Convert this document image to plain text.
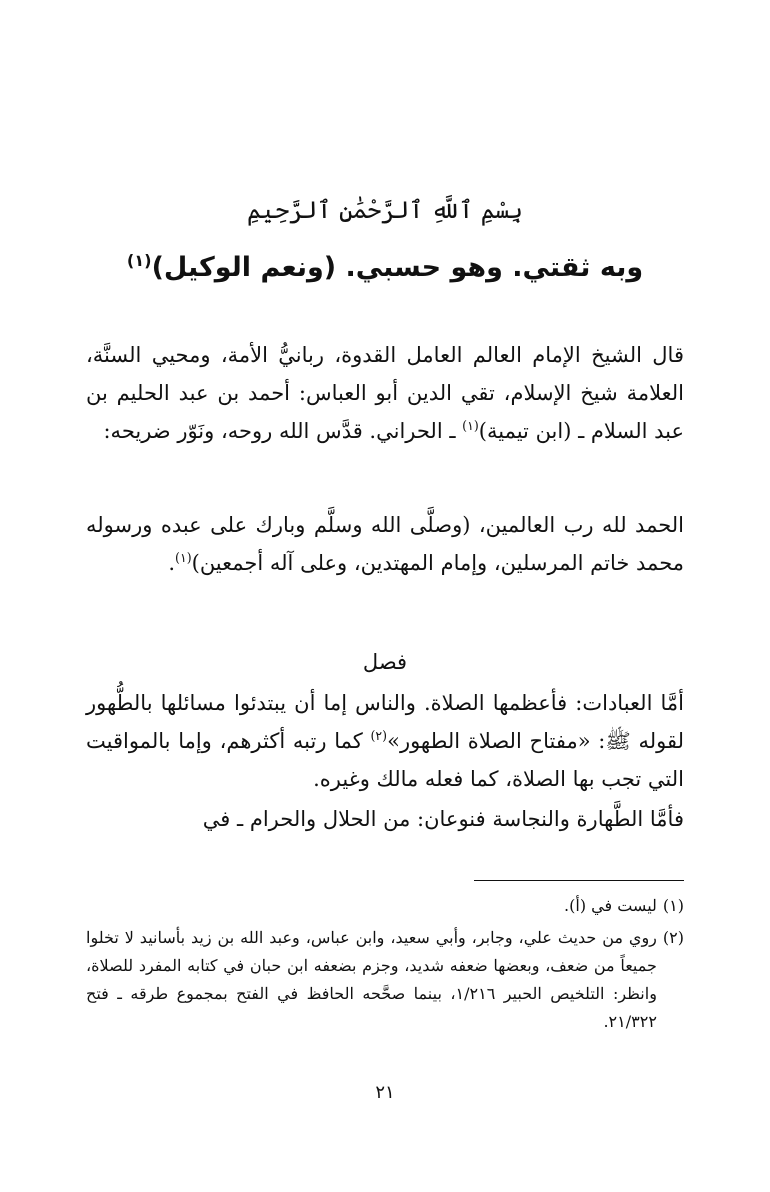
بِسْمِ ٱللَّهِ ٱلرَّحْمَٰنِ ٱلرَّحِيمِ
وبه ثقتي. وهو حسبي. (ونعم الوكيل)$^{(١)}$
قال الشيخ الإمام العالم العامل القدوة، ربانيُّ الأمة، ومحيي السنَّة، العلامة شيخ الإسلام، تقي الدين أبو العباس: أحمد بن عبد الحليم بن عبد السلام ـ (ابن تيمية)$^{(١)}$ ـ الحراني. قدَّس الله روحه، ونَوّر ضريحه:
الحمد لله رب العالمين، (وصلَّى الله وسلَّم وبارك على عبده ورسوله محمد خاتم المرسلين، وإمام المهتدين، وعلى آله أجمعين)$^{(١)}$.
فصل
أمَّا العبادات: فأعظمها الصلاة. والناس إما أن يبتدئوا مسائلها بالطُّهور لقوله ﷺ: «مفتاح الصلاة الطهور»$^{(٢)}$ كما رتبه أكثرهم، وإما بالمواقيت التي تجب بها الصلاة، كما فعله مالك وغيره.
فأمَّا الطَّهارة والنجاسة فنوعان: من الحلال والحرام ـ في
(١)
ليست في (أ).
(٢)
روي من حديث علي، وجابر، وأبي سعيد، وابن عباس، وعبد الله بن زيد بأسانيد لا تخلوا جميعاً من ضعف، وبعضها ضعفه شديد، وجزم بضعفه ابن حبان في كتابه المفرد للصلاة، وانظر: التلخيص الحبير ١/٢١٦، بينما صحَّحه الحافظ في الفتح بمجموع طرقه ـ فتح ٢١/٣٢٢.
٢١
